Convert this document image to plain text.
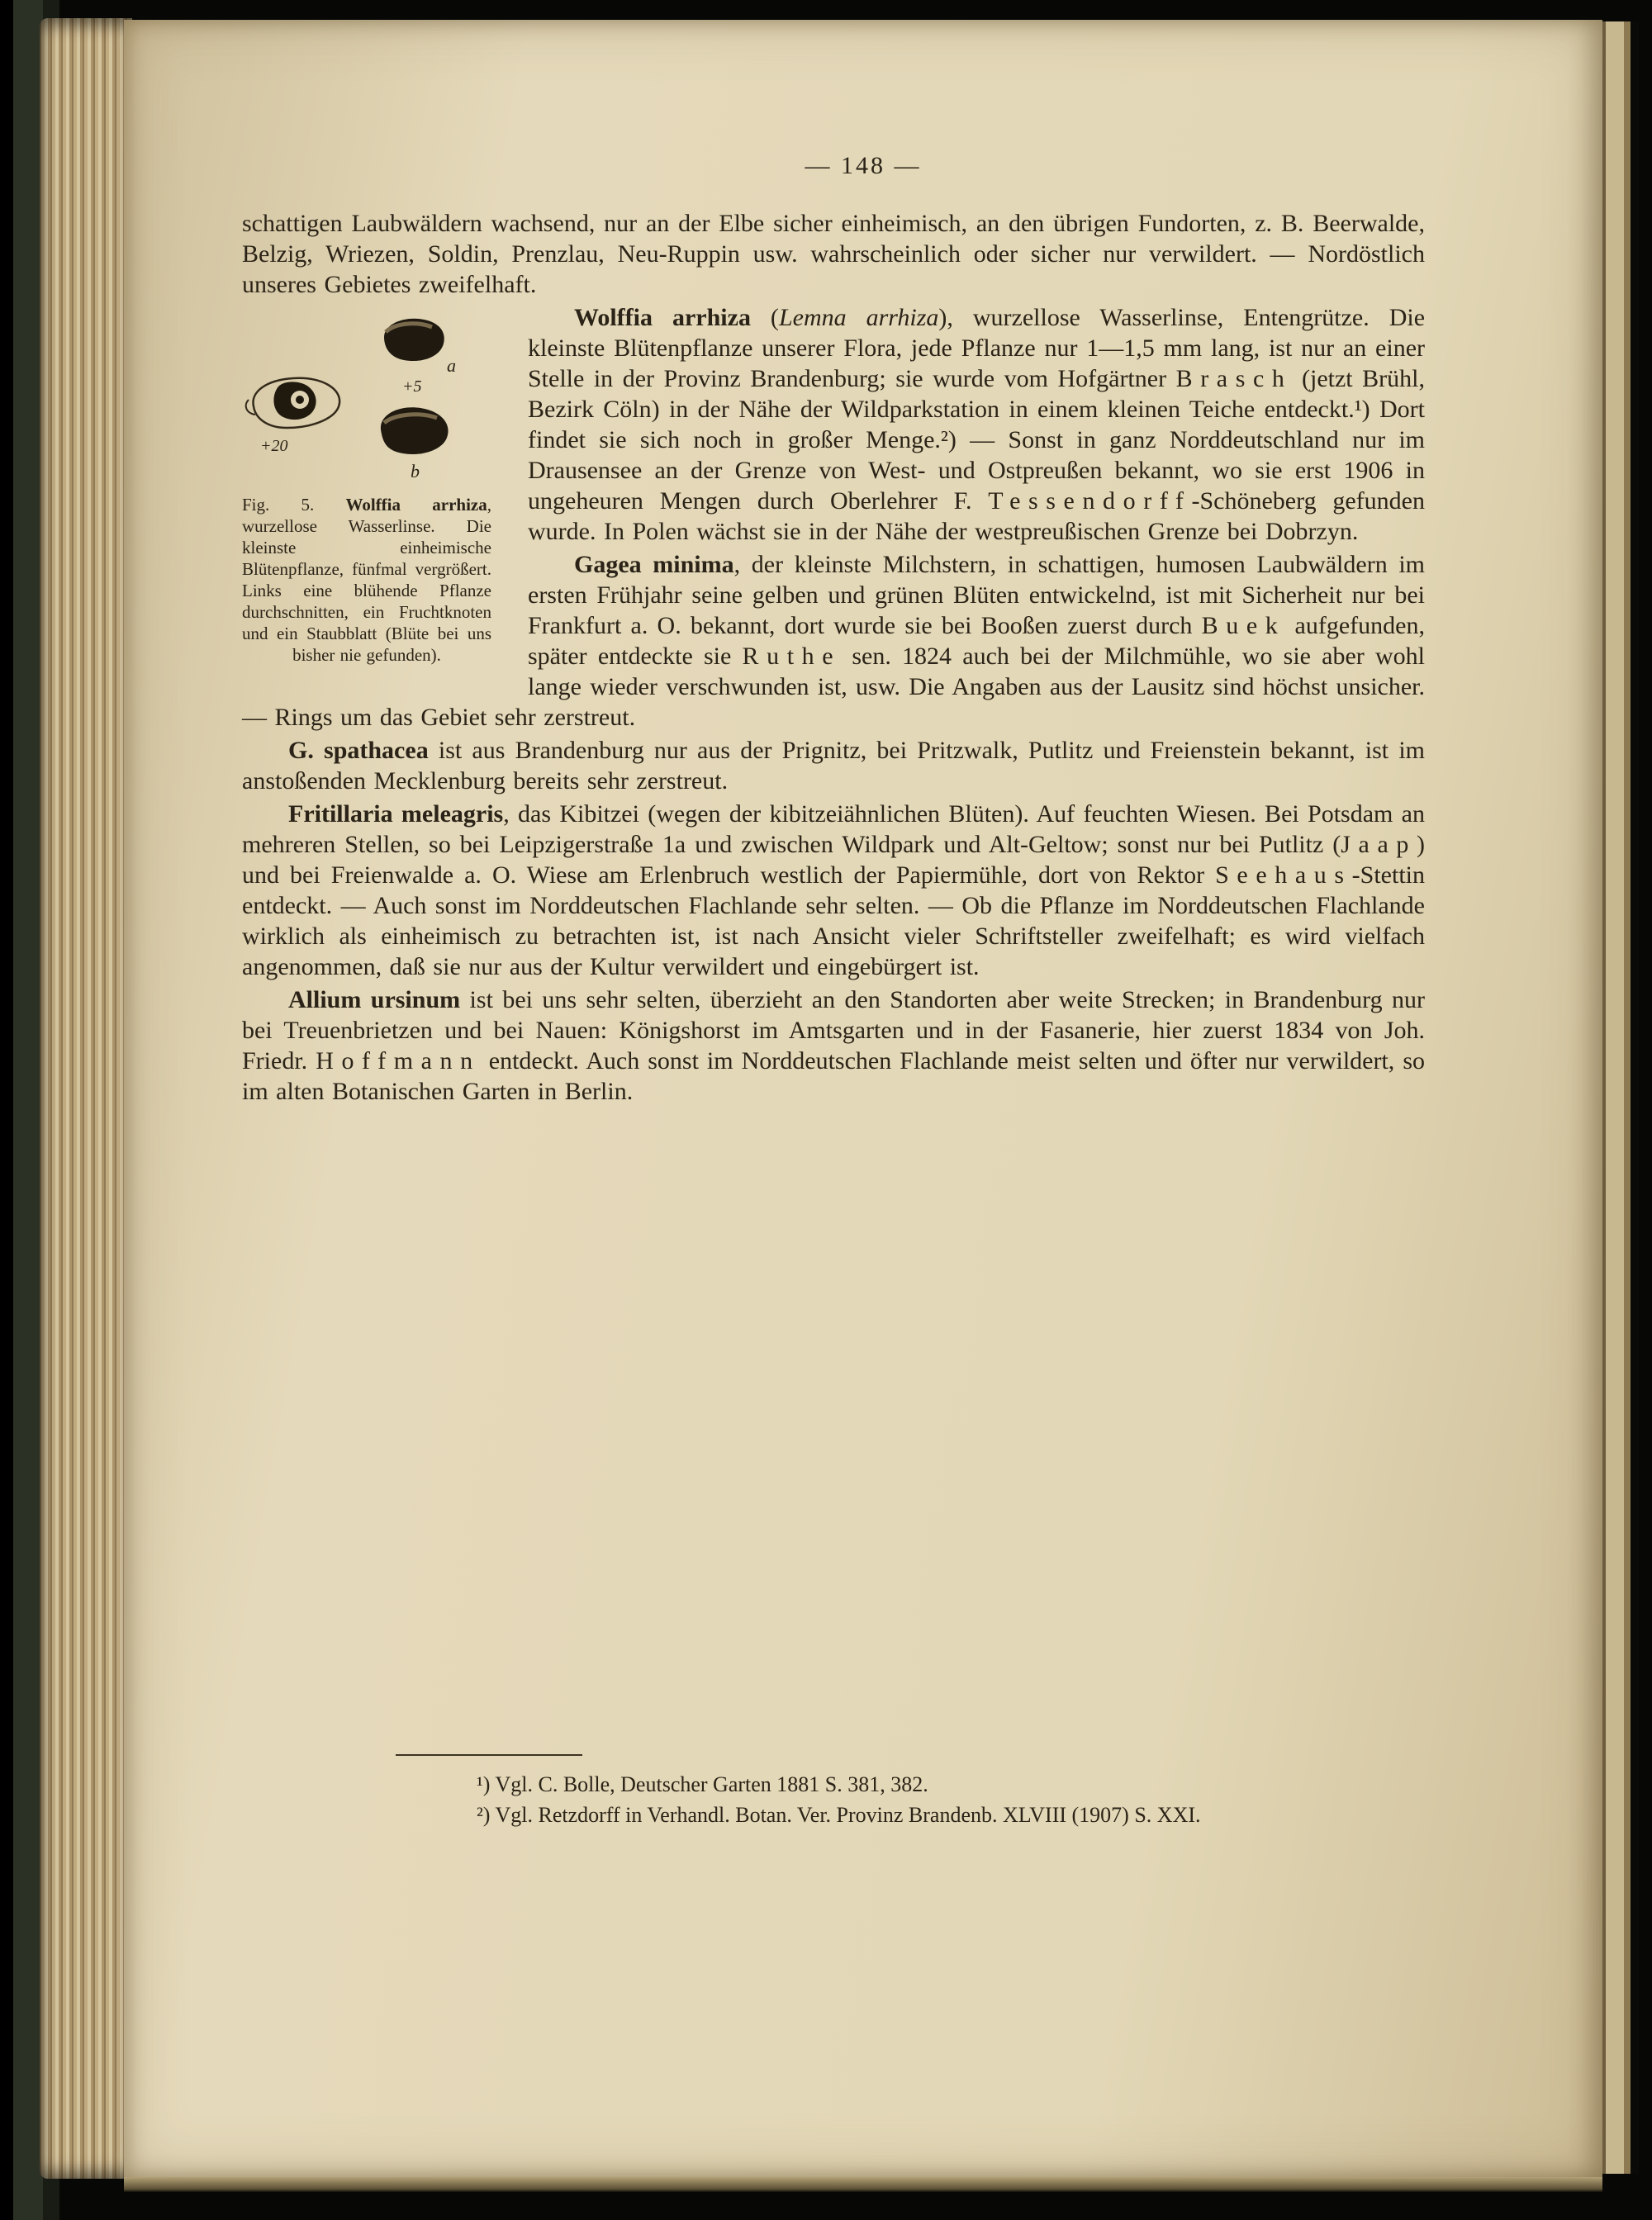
— 148 —
schattigen Laubwäldern wachsend, nur an der Elbe sicher einheimisch, an den übrigen Fundorten, z. B. Beerwalde, Belzig, Wriezen, Soldin, Prenzlau, Neu-Ruppin usw. wahrscheinlich oder sicher nur verwildert. — Nordöstlich unseres Gebietes zweifelhaft.
+20
a
+5
b
Fig. 5. Wolffia arrhiza, wurzellose Wasserlinse. Die kleinste einheimische Blütenpflanze, fünfmal vergrößert. Links eine blühende Pflanze durchschnitten, ein Fruchtknoten und ein Staubblatt (Blüte bei uns bisher nie gefunden).
Wolffia arrhiza (Lemna arrhiza), wurzellose Wasserlinse, Entengrütze. Die kleinste Blütenpflanze unserer Flora, jede Pflanze nur 1—1,5 mm lang, ist nur an einer Stelle in der Provinz Brandenburg; sie wurde vom Hofgärtner Brasch (jetzt Brühl, Bezirk Cöln) in der Nähe der Wildparkstation in einem kleinen Teiche entdeckt.¹) Dort findet sie sich noch in großer Menge.²) — Sonst in ganz Norddeutschland nur im Drausensee an der Grenze von West- und Ostpreußen bekannt, wo sie erst 1906 in ungeheuren Mengen durch Oberlehrer F. Tessendorff-Schöneberg gefunden wurde. In Polen wächst sie in der Nähe der westpreußischen Grenze bei Dobrzyn.
Gagea minima, der kleinste Milchstern, in schattigen, humosen Laubwäldern im ersten Frühjahr seine gelben und grünen Blüten entwickelnd, ist mit Sicherheit nur bei Frankfurt a. O. bekannt, dort wurde sie bei Booßen zuerst durch Buek aufgefunden, später entdeckte sie Ruthe sen. 1824 auch bei der Milchmühle, wo sie aber wohl lange wieder verschwunden ist, usw. Die Angaben aus der Lausitz sind höchst unsicher. — Rings um das Gebiet sehr zerstreut.
G. spathacea ist aus Brandenburg nur aus der Prignitz, bei Pritzwalk, Putlitz und Freienstein bekannt, ist im anstoßenden Mecklenburg bereits sehr zerstreut.
Fritillaria meleagris, das Kibitzei (wegen der kibitzeiähnlichen Blüten). Auf feuchten Wiesen. Bei Potsdam an mehreren Stellen, so bei Leipzigerstraße 1a und zwischen Wildpark und Alt-Geltow; sonst nur bei Putlitz (Jaap) und bei Freienwalde a. O. Wiese am Erlenbruch westlich der Papiermühle, dort von Rektor Seehaus-Stettin entdeckt. — Auch sonst im Norddeutschen Flachlande sehr selten. — Ob die Pflanze im Norddeutschen Flachlande wirklich als einheimisch zu betrachten ist, ist nach Ansicht vieler Schriftsteller zweifelhaft; es wird vielfach angenommen, daß sie nur aus der Kultur verwildert und eingebürgert ist.
Allium ursinum ist bei uns sehr selten, überzieht an den Standorten aber weite Strecken; in Brandenburg nur bei Treuenbrietzen und bei Nauen: Königshorst im Amtsgarten und in der Fasanerie, hier zuerst 1834 von Joh. Friedr. Hoffmann entdeckt. Auch sonst im Norddeutschen Flachlande meist selten und öfter nur verwildert, so im alten Botanischen Garten in Berlin.

¹) Vgl. C. Bolle, Deutscher Garten 1881 S. 381, 382.

²) Vgl. Retzdorff in Verhandl. Botan. Ver. Provinz Brandenb. XLVIII (1907) S. XXI.
